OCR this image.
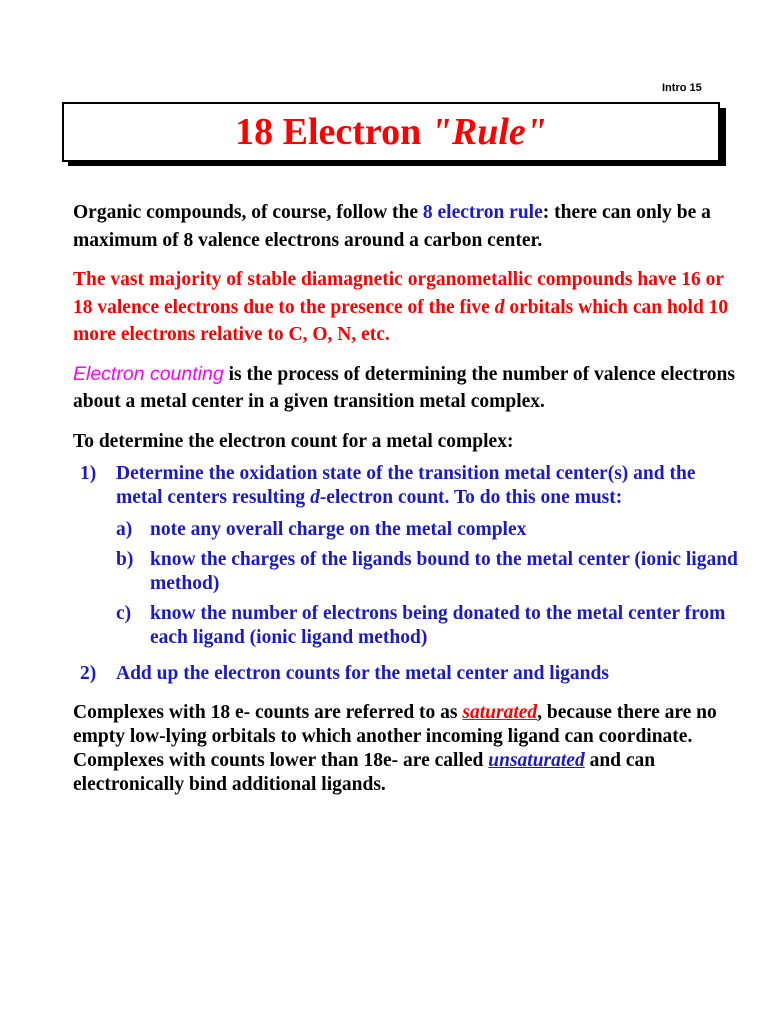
Intro 15
18 Electron "Rule"

Organic compounds, of course, follow the 8 electron rule: there can only be a maximum of 8 valence electrons around a carbon center.

The vast majority of stable diamagnetic organometallic compounds have 16 or 18 valence electrons due to the presence of the five d orbitals which can hold 10 more electrons relative to C, O, N, etc.

Electron counting is the process of determining the number of valence electrons about a metal center in a given transition metal complex.

To determine the electron count for a metal complex:

1)	Determine the oxidation state of the transition metal center(s) and the metal centers resulting d-electron count. To do this one must:
a) note any overall charge on the metal complex
b) know the charges of the ligands bound to the metal center (ionic ligand method)
c) know the number of electrons being donated to the metal center from each ligand (ionic ligand method)
2)	Add up the electron counts for the metal center and ligands

Complexes with 18 e- counts are referred to as saturated, because there are no empty low-lying orbitals to which another incoming ligand can coordinate. Complexes with counts lower than 18e- are called unsaturated and can electronically bind additional ligands.
